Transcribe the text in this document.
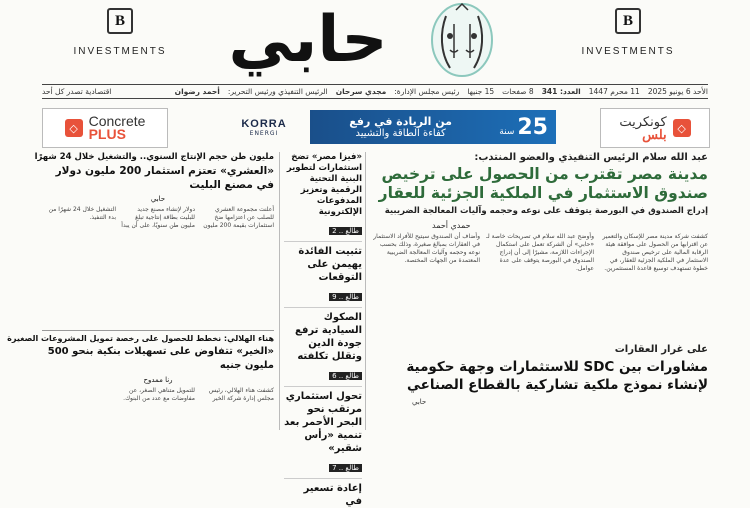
B
INVESTMENTS حابي	B
INVESTMENTS
الأحد 6 يونيو 2025
11 محرم 1447
العدد: 341
8 صفحات
15 جنيها
رئيس مجلس الإدارة:
مجدي سرحان
الرئيس التنفيذي ورئيس التحرير:
أحمد رضوان
اقتصادية تصدر كل أحد
◇ Concrete
PLUS
KORRA
ENERGI	25
سنة
من الريادة في رفع
كفاءة الطاقة والتشييد	◇
كونكريت
بلس
عبد الله سلام الرئيس التنفيذي والعضو المنتدب:
مدينة مصر تقترب من الحصول على ترخيص
صندوق الاستثمار في الملكية الجزئية للعقار
إدراج الصندوق في البورصة يتوقف على نوعه وحجمه وآليات المعالجة الضريبية
حمدي أحمد
كشفت شركة مدينة مصر للإسكان والتعمير عن اقترابها من الحصول على موافقة هيئة الرقابة المالية على ترخيص صندوق الاستثمار في الملكية الجزئية للعقار، في خطوة تستهدف توسيع قاعدة المستثمرين.
وأوضح عبد الله سلام في تصريحات خاصة لـ «حابي» أن الشركة تعمل على استكمال الإجراءات اللازمة، مشيرًا إلى أن إدراج الصندوق في البورصة يتوقف على عدة عوامل.
وأضاف أن الصندوق سيتيح للأفراد الاستثمار في العقارات بمبالغ صغيرة، وذلك بحسب نوعه وحجمه وآليات المعالجة الضريبية المعتمدة من الجهات المختصة.
على غرار العقارات
مشاورات بين SDC للاستثمارات وجهة حكومية
لإنشاء نموذج ملكية تشاركية بالقطاع الصناعي
حابي
«فيزا مصر» تضخ استثمارات لتطوير البنية التحتية الرقمية وتعزيز المدفوعات الإلكترونية
طالع .. 2
تثبيت الفائدة يهيمن على التوقعات
طالع .. 9
الصكوك السيادية ترفع جودة الدين وتقلل تكلفته
طالع .. 6
تحول استثماري مرتقب نحو البحر الأحمر بعد تنمية «رأس شقير»
طالع .. 7
إعادة تسعير في
مليون طن حجم الإنتاج السنوي.. والتشغيل خلال 24 شهرًا
«العشري» تعتزم استثمار 200 مليون دولار في مصنع البليت
حابي
أعلنت مجموعة العشري للصلب عن اعتزامها ضخ استثمارات بقيمة 200 مليون دولار لإنشاء مصنع جديد للبليت بطاقة إنتاجية تبلغ مليون طن سنويًا، على أن يبدأ التشغيل خلال 24 شهرًا من بدء التنفيذ.
هناء الهلالي: نخطط للحصول على رخصة تمويل المشروعات الصغيرة
«الخير» تتفاوض على تسهيلات بنكية بنحو 500 مليون جنيه
رنا ممدوح
كشفت هناء الهلالي، رئيس مجلس إدارة شركة الخير للتمويل متناهي الصغر، عن مفاوضات مع عدد من البنوك.
